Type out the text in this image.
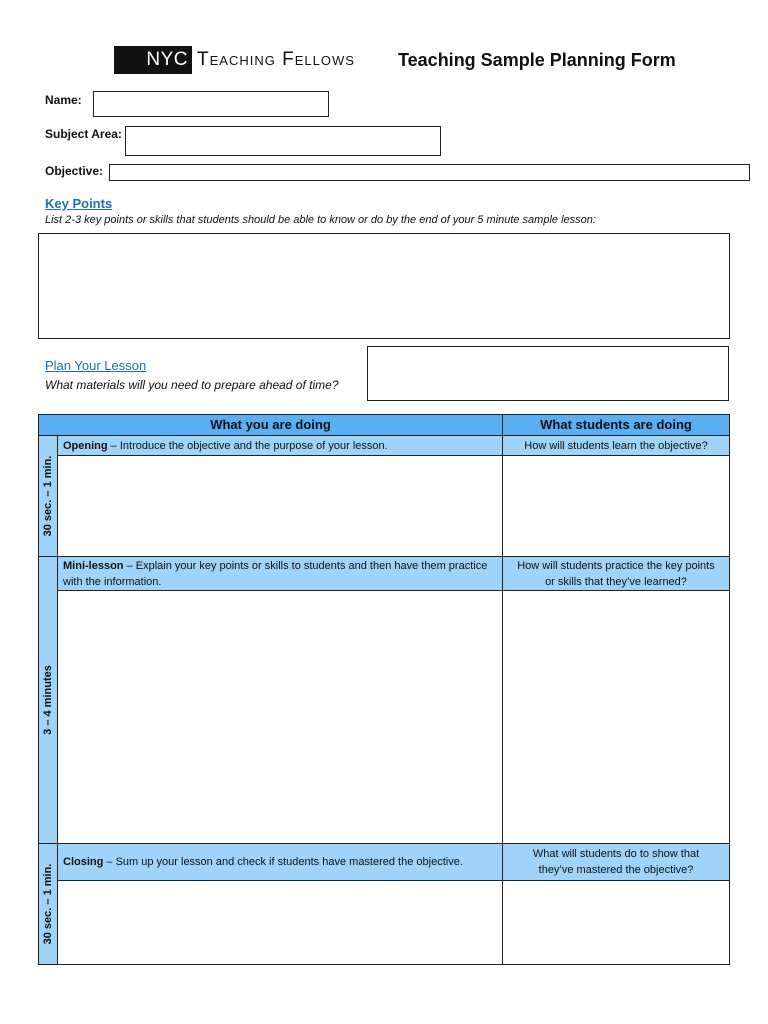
NYC Teaching Fellows Teaching Sample Planning Form
Name:
Subject Area:
Objective:
Key Points
List 2-3 key points or skills that students should be able to know or do by the end of your 5 minute sample lesson:
Plan Your Lesson
What materials will you need to prepare ahead of time?
What you are doing	What students are doing
30 sec. – 1 min.
Opening – Introduce the objective and the purpose of your lesson.	How will students learn the objective?
3 – 4 minutes
Mini-lesson – Explain your key points or skills to students and then have them practice with the information.
How will students practice the key points or skills that they’ve learned?
30 sec. – 1 min.
Closing – Sum up your lesson and check if students have mastered the objective.
What will students do to show that they’ve mastered the objective?
